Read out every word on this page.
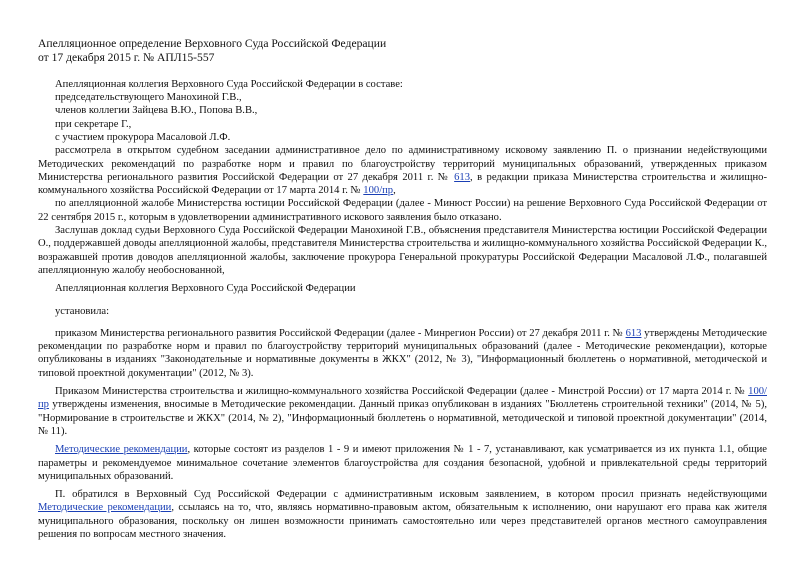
Апелляционное определение Верховного Суда Российской Федерации

от 17 декабря 2015 г. № АПЛ15-557

Апелляционная коллегия Верховного Суда Российской Федерации в составе:

председательствующего Манохиной Г.В.,

членов коллегии Зайцева В.Ю., Попова В.В.,

при секретаре Г.,

с участием прокурора Масаловой Л.Ф.

рассмотрела в открытом судебном заседании административное дело по административному исковому заявлению П. о признании недействующими Методических рекомендаций по разработке норм и правил по благоустройству территорий муниципальных образований, утвержденных приказом Министерства регионального развития Российской Федерации от 27 декабря 2011 г. № 613, в редакции приказа Министерства строительства и жилищно-коммунального хозяйства Российской Федерации от 17 марта 2014 г. № 100/пр,

по апелляционной жалобе Министерства юстиции Российской Федерации (далее - Минюст России) на решение Верховного Суда Российской Федерации от 22 сентября 2015 г., которым в удовлетворении административного искового заявления было отказано.

Заслушав доклад судьи Верховного Суда Российской Федерации Манохиной Г.В., объяснения представителя Министерства юстиции Российской Федерации О., поддержавшей доводы апелляционной жалобы, представителя Министерства строительства и жилищно-коммунального хозяйства Российской Федерации К., возражавшей против доводов апелляционной жалобы, заключение прокурора Генеральной прокуратуры Российской Федерации Масаловой Л.Ф., полагавшей апелляционную жалобу необоснованной,

Апелляционная коллегия Верховного Суда Российской Федерации

установила:

приказом Министерства регионального развития Российской Федерации (далее - Минрегион России) от 27 декабря 2011 г. № 613 утверждены Методические рекомендации по разработке норм и правил по благоустройству территорий муниципальных образований (далее - Методические рекомендации), которые опубликованы в изданиях "Законодательные и нормативные документы в ЖКХ" (2012, № 3), "Информационный бюллетень о нормативной, методической и типовой проектной документации" (2012, № 3).

Приказом Министерства строительства и жилищно-коммунального хозяйства Российской Федерации (далее - Минстрой России) от 17 марта 2014 г. № 100/пр утверждены изменения, вносимые в Методические рекомендации. Данный приказ опубликован в изданиях "Бюллетень строительной техники" (2014, № 5), "Нормирование в строительстве и ЖКХ" (2014, № 2), "Информационный бюллетень о нормативной, методической и типовой проектной документации" (2014, № 11).

Методические рекомендации, которые состоят из разделов 1 - 9 и имеют приложения № 1 - 7, устанавливают, как усматривается из их пункта 1.1, общие параметры и рекомендуемое минимальное сочетание элементов благоустройства для создания безопасной, удобной и привлекательной среды территорий муниципальных образований.

П. обратился в Верховный Суд Российской Федерации с административным исковым заявлением, в котором просил признать недействующими Методические рекомендации, ссылаясь на то, что, являясь нормативно-правовым актом, обязательным к исполнению, они нарушают его права как жителя муниципального образования, поскольку он лишен возможности принимать самостоятельно или через представителей органов местного самоуправления решения по вопросам местного значения.
